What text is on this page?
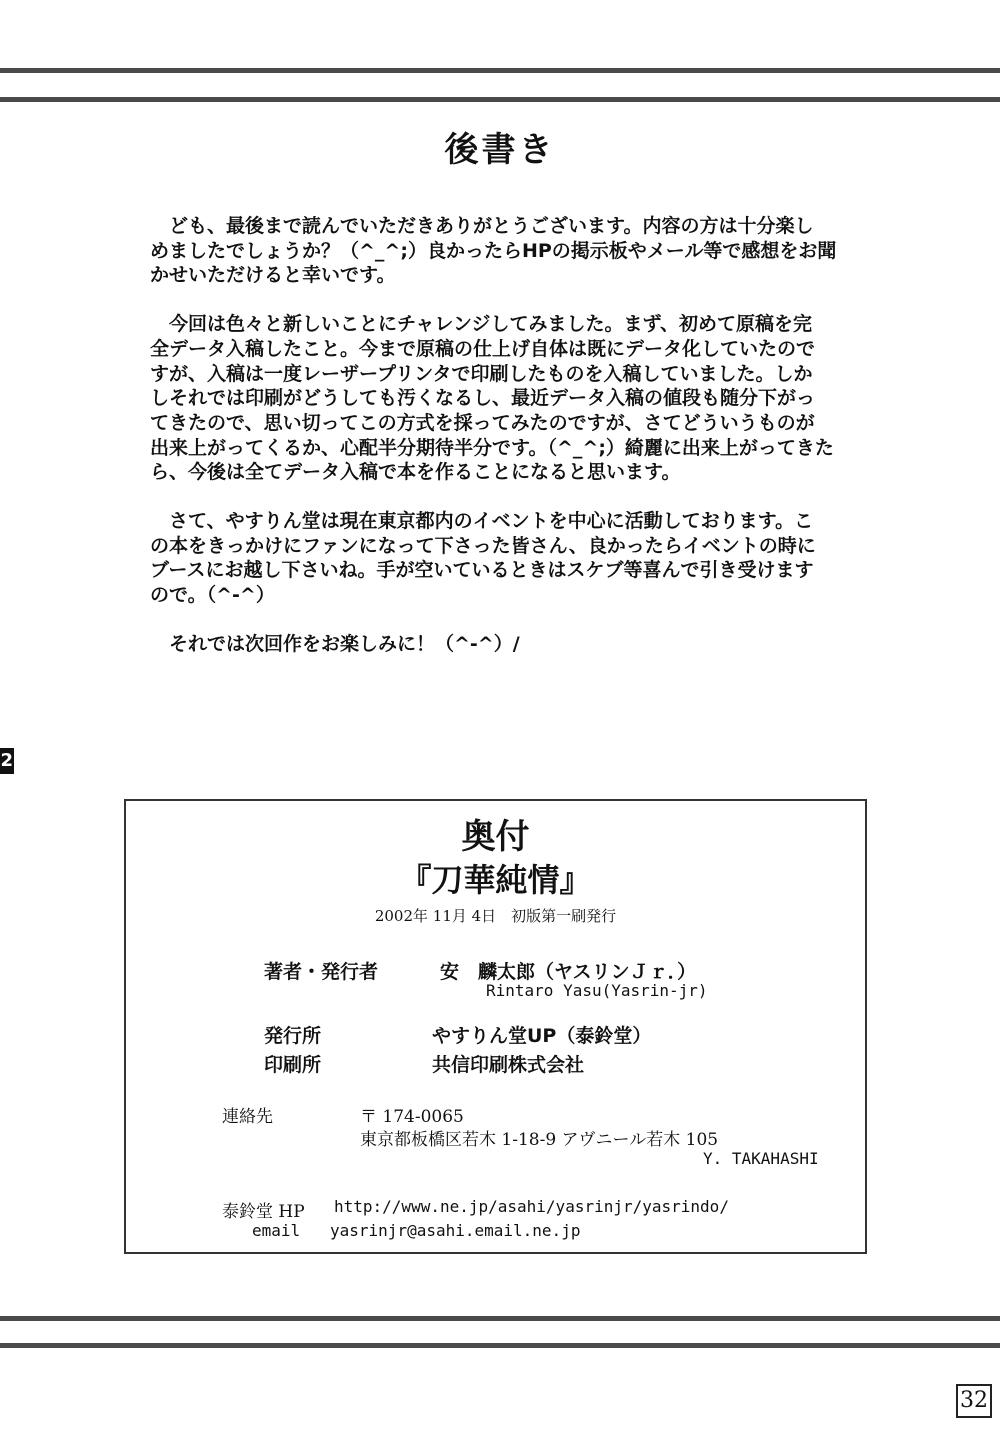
後書き

ども、最後まで読んでいただきありがとうございます。内容の方は十分楽し
めましたでしょうか？（^_^;）良かったらHPの掲示板やメール等で感想をお聞
かせいただけると幸いです。

今回は色々と新しいことにチャレンジしてみました。まず、初めて原稿を完
全データ入稿したこと。今まで原稿の仕上げ自体は既にデータ化していたので
すが、入稿は一度レーザープリンタで印刷したものを入稿していました。しか
しそれでは印刷がどうしても汚くなるし、最近データ入稿の値段も随分下がっ
てきたので、思い切ってこの方式を採ってみたのですが、さてどういうものが
出来上がってくるか、心配半分期待半分です。（^_^;）綺麗に出来上がってきた
ら、今後は全てデータ入稿で本を作ることになると思います。

さて、やすりん堂は現在東京都内のイベントを中心に活動しております。こ
の本をきっかけにファンになって下さった皆さん、良かったらイベントの時に
ブースにお越し下さいね。手が空いているときはスケブ等喜んで引き受けます
ので。（^-^）

それでは次回作をお楽しみに！（^-^）/

2
奥付
『刀華純情』
2002年 11月 4日　初版第一刷発行
著者・発行者	安　麟太郎（ヤスリンＪｒ．）
Rintaro Yasu(Yasrin-jr)
発行所	やすりん堂UP（泰鈴堂）
印刷所	共信印刷株式会社
連絡先	〒 174-0065
東京都板橋区若木 1-18-9 アヴニール若木 105
Y. TAKAHASHI
泰鈴堂 HP http://www.ne.jp/asahi/yasrinjr/yasrindo/
email yasrinjr@asahi.email.ne.jp
32
